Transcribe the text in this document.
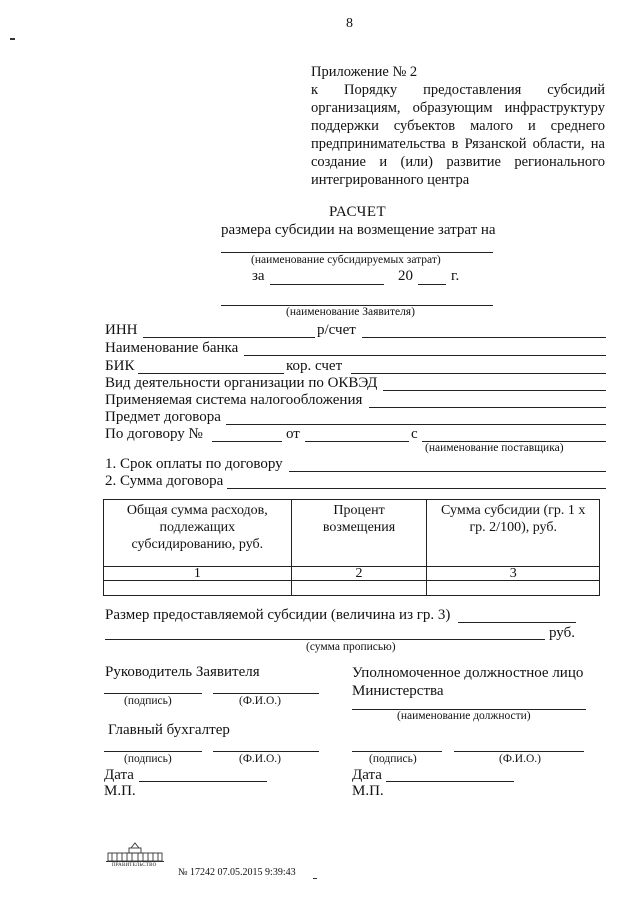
8
Приложение № 2
к Порядку предоставления субсидий организациям, образующим инфраструктуру поддержки субъектов малого и среднего предпринимательства в Рязанской области, на создание и (или) развитие регионального интегрированного центра
РАСЧЕТ
размера субсидии на возмещение затрат на
(наименование субсидируемых затрат)
за	20	г.
(наименование Заявителя)
ИНН	р/счет
Наименование банка
БИК	кор. счет
Вид деятельности организации по ОКВЭД
Применяемая система налогообложения
Предмет договора
По договору №	от	с
(наименование поставщика)
1. Срок оплаты по договору
2. Сумма договора
Общая сумма расходов, подлежащих субсидированию, руб.	Процент возмещения	Сумма субсидии (гр. 1 x гр. 2/100), руб.
1	2	3

Размер предоставляемой субсидии (величина из гр. 3)
руб.
(сумма прописью)
Руководитель Заявителя	Уполномоченное должностное лицо Министерства
(подпись)	(Ф.И.О.)
(наименование должности)
Главный бухгалтер
(подпись)	(Ф.И.О.)	(подпись)	(Ф.И.О.)
Дата
М.П.
Дата
М.П.
ПРАВИТЕЛЬСТВО
№ 17242 07.05.2015 9:39:43
